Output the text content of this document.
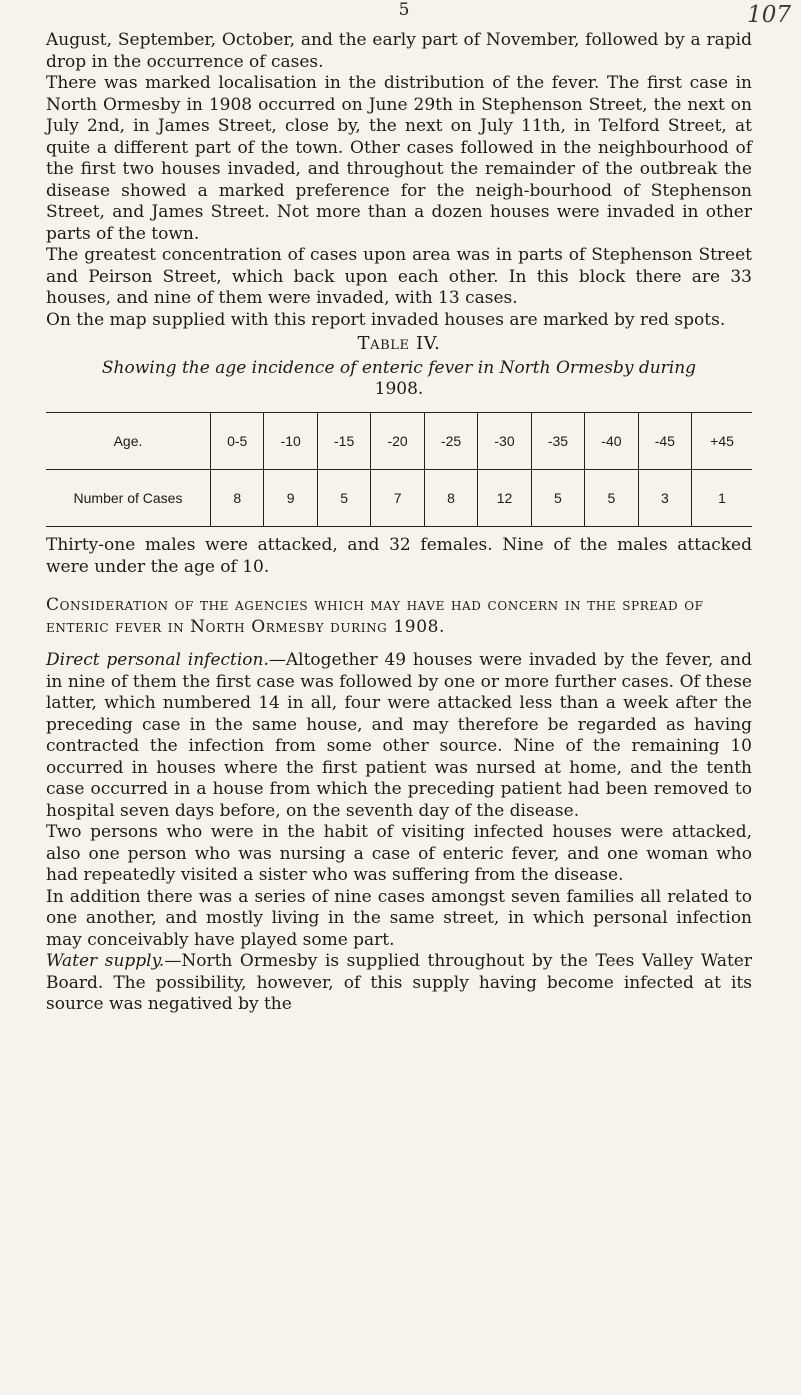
5	107

August, September, October, and the early part of November, followed by a rapid drop in the occurrence of cases.

There was marked localisation in the distribution of the fever. The first case in North Ormesby in 1908 occurred on June 29th in Stephenson Street, the next on July 2nd, in James Street, close by, the next on July 11th, in Telford Street, at quite a different part of the town. Other cases followed in the neighbourhood of the first two houses invaded, and throughout the remainder of the outbreak the disease showed a marked preference for the neigh-bourhood of Stephenson Street, and James Street. Not more than a dozen houses were invaded in other parts of the town.

The greatest concentration of cases upon area was in parts of Stephenson Street and Peirson Street, which back upon each other. In this block there are 33 houses, and nine of them were invaded, with 13 cases.

On the map supplied with this report invaded houses are marked by red spots.

Table IV.
Showing the age incidence of enteric fever in North Ormesby during
1908.
Age.	0-5	-10	-15	-20	-25	-30	-35	-40	-45	+45
Number of Cases	8	9	5	7	8	12	5	5	3	1

Thirty-one males were attacked, and 32 females. Nine of the males attacked were under the age of 10.

Consideration of the agencies which may have had concern in the spread of enteric fever in North Ormesby during 1908.

Direct personal infection.—Altogether 49 houses were invaded by the fever, and in nine of them the first case was followed by one or more further cases. Of these latter, which numbered 14 in all, four were attacked less than a week after the preceding case in the same house, and may therefore be regarded as having contracted the infection from some other source. Nine of the remaining 10 occurred in houses where the first patient was nursed at home, and the tenth case occurred in a house from which the preceding patient had been removed to hospital seven days before, on the seventh day of the disease.

Two persons who were in the habit of visiting infected houses were attacked, also one person who was nursing a case of enteric fever, and one woman who had repeatedly visited a sister who was suffering from the disease.

In addition there was a series of nine cases amongst seven families all related to one another, and mostly living in the same street, in which personal infection may conceivably have played some part.

Water supply.—North Ormesby is supplied throughout by the Tees Valley Water Board. The possibility, however, of this supply having become infected at its source was negatived by the
